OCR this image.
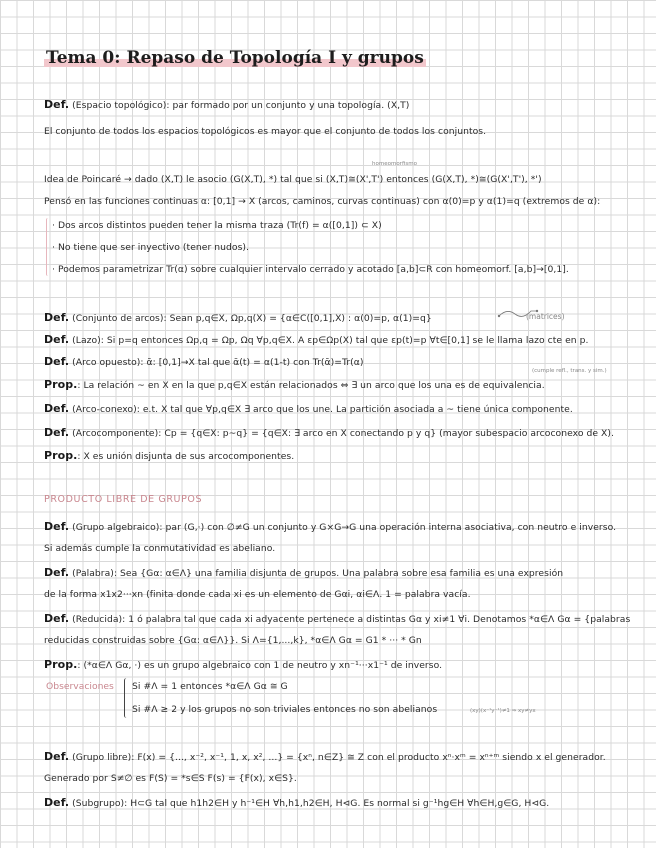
Tema 0: Repaso de Topología I y grupos
Def. (Espacio topológico): par formado por un conjunto y una topología. (X,T)
El conjunto de todos los espacios topológicos es mayor que el conjunto de todos los conjuntos.
homeomorfismo
Idea de Poincaré → dado (X,T) le asocio (G(X,T), *) tal que si (X,T)≅(X',T') entonces (G(X,T), *)≅(G(X',T'), *')
Pensó en las funciones continuas α: [0,1] → X (arcos, caminos, curvas continuas) con α(0)=p y α(1)=q (extremos de α):
· Dos arcos distintos pueden tener la misma traza (Tr(f) = α([0,1]) ⊂ X)
· No tiene que ser inyectivo (tener nudos).
· Podemos parametrizar Tr(α) sobre cualquier intervalo cerrado y acotado [a,b]⊂R con homeomorf. [a,b]→[0,1].
(matrices)
Def. (Conjunto de arcos): Sean p,q∈X, Ωp,q(X) = {α∈C([0,1],X) : α(0)=p, α(1)=q}
Def. (Lazo): Si p=q entonces Ωp,q = Ωp, Ωq ∀p,q∈X. A εp∈Ωp(X) tal que εp(t)=p ∀t∈[0,1] se le llama lazo cte en p.
Def. (Arco opuesto): ᾱ: [0,1]→X tal que ᾱ(t) = α(1-t) con Tr(ᾱ)=Tr(α)
(cumple refl., trans. y sim.)
Prop.: La relación ~ en X en la que p,q∈X están relacionados ⇔ ∃ un arco que los una es de equivalencia.
Def. (Arco-conexo): e.t. X tal que ∀p,q∈X ∃ arco que los une. La partición asociada a ~ tiene única componente.
Def. (Arcocomponente): Cp = {q∈X: p~q} = {q∈X: ∃ arco en X conectando p y q} (mayor subespacio arcoconexo de X).
Prop.: X es unión disjunta de sus arcocomponentes.
PRODUCTO LIBRE DE GRUPOS
Def. (Grupo algebraico): par (G,·) con ∅≠G un conjunto y G×G→G una operación interna asociativa, con neutro e inverso.
Si además cumple la conmutatividad es abeliano.
Def. (Palabra): Sea {Gα: α∈Λ} una familia disjunta de grupos. Una palabra sobre esa familia es una expresión
de la forma x1x2···xn (finita donde cada xi es un elemento de Gαi, αi∈Λ. 1 = palabra vacía.
Def. (Reducida): 1 ó palabra tal que cada xi adyacente pertenece a distintas Gα y xi≠1 ∀i. Denotamos *α∈Λ Gα = {palabras
reducidas construidas sobre {Gα: α∈Λ}}. Si Λ={1,...,k}, *α∈Λ Gα = G1 * ··· * Gn
Prop.: (*α∈Λ Gα, ·) es un grupo algebraico con 1 de neutro y xn⁻¹···x1⁻¹ de inverso.
Observaciones Si #Λ = 1 entonces *α∈Λ Gα ≅ G
Si #Λ ≥ 2 y los grupos no son triviales entonces no son abelianos	(xy)(x⁻¹y⁻¹)≠1 ⇒ xy≠yx
Def. (Grupo libre): F(x) = {..., x⁻², x⁻¹, 1, x, x², ...} = {xⁿ, n∈Z} ≅ Z con el producto xⁿ·xᵐ = xⁿ⁺ᵐ siendo x el generador.
Generado por S≠∅ es F(S) = *s∈S F(s) = {F(x), x∈S}.
Def. (Subgrupo): H⊂G tal que h1h2∈H y h⁻¹∈H ∀h,h1,h2∈H, H⊲G. Es normal si g⁻¹hg∈H ∀h∈H,g∈G, H⊲G.
